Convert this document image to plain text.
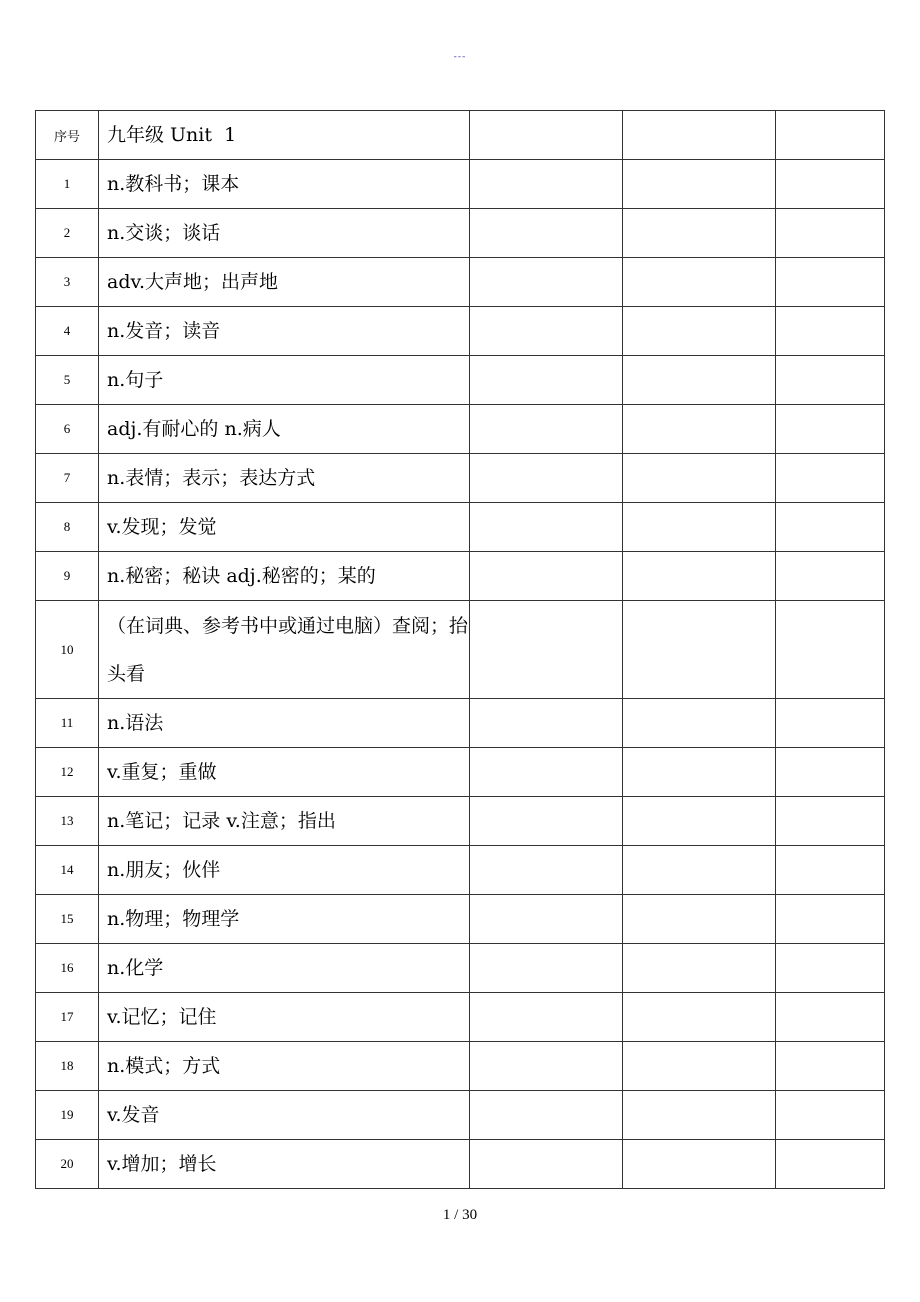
---
序号	九年级 Unit  1			
1	n.教科书；课本			
2	n.交谈；谈话			
3	adv.大声地；出声地			
4	n.发音；读音			
5	n.句子			
6	adj.有耐心的 n.病人			
7	n.表情；表示；表达方式			
8	v.发现；发觉			
9	n.秘密；秘诀 adj.秘密的；某的			
10	（在词典、参考书中或通过电脑）查阅；抬头看			
11	n.语法			
12	v.重复；重做			
13	n.笔记；记录 v.注意；指出			
14	n.朋友；伙伴			
15	n.物理；物理学			
16	n.化学			
17	v.记忆；记住			
18	n.模式；方式			
19	v.发音			
20	v.增加；增长			
1 / 30
